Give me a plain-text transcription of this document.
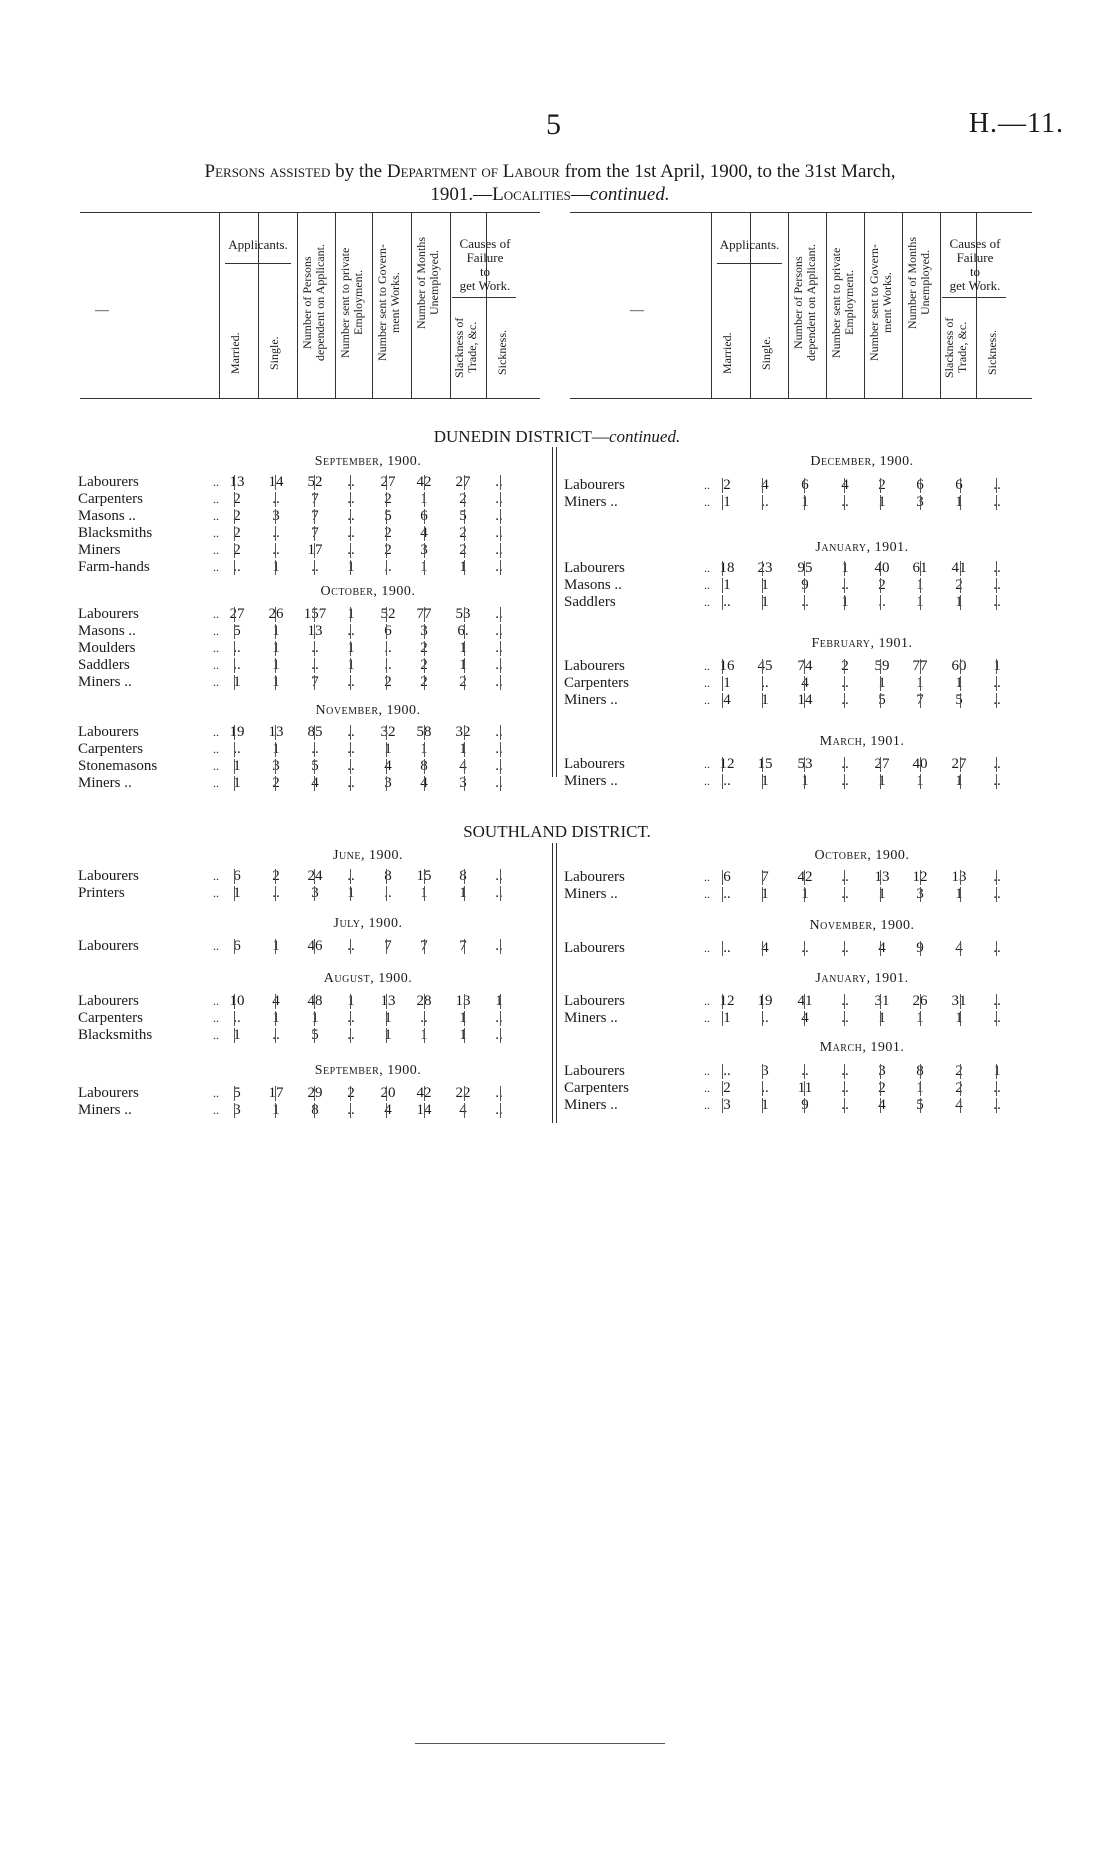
5	H.—11.
Persons assisted by the Department of Labour from the 1st April, 1900, to the 31st March,
1901.—Localities—continued.
—
Applicants.
Married. Single.
Number of Persons dependent on Applicant. Number sent to private Employment. Number sent to Govern- ment Works. Number of Months Unemployed.
Causes of
Failure
to
get Work.
Slackness of Trade, &c. Sickness.
—
Applicants.
Married. Single.
Number of Persons dependent on Applicant. Number sent to private Employment. Number sent to Govern- ment Works. Number of Months Unemployed.
Causes of
Failure
to
get Work.
Slackness of Trade, &c. Sickness.
DUNEDIN DISTRICT—continued.
September, 1900.
Labourers	.. 13	14	52	..	27	42	27	..
Carpenters	.. 2	..	7	..	2	1	2	..
Masons ..	.. 2	3	7	..	5	6	5	..
Blacksmiths	.. 2	..	7	..	2	4	2	..
Miners	.. 2	..	17	..	2	3	2	..
Farm-hands	.. ..	1	..	1	..	1	1	..
October, 1900.
Labourers	.. 27	26	157	1	52	77	53	..
Masons ..	.. 5	1	13	..	6	3	6.	..
Moulders	.. ..	1	..	1	..	2	1	..
Saddlers	.. ..	1	..	1	..	2	1	..
Miners ..	.. 1	1	7	..	2	2	2	..
November, 1900.
Labourers	.. 19	13	85	..	32	58	32	..
Carpenters	.. ..	1	..	..	1	1	1	..
Stonemasons	.. 1	3	5	..	4	8	4	..
Miners ..	.. 1	2	4	..	3	4	3	..
December, 1900.
Labourers	.. 2	4	6	4	2	6	6	..
Miners ..	.. 1	..	1	..	1	3	1	..
January, 1901.
Labourers	.. 18	23	95	1	40	61	41	..
Masons ..	.. 1	1	9	..	2	1	2	..
Saddlers	.. ..	1	..	1	..	1	1	..
February, 1901.
Labourers	.. 16	45	74	2	59	77	60	1
Carpenters	.. 1	..	4	..	1	1	1	..
Miners ..	.. 4	1	14	..	5	7	5	..
March, 1901.
Labourers	.. 12	15	53	..	27	40	27	..
Miners ..	.. ..	1	1	..	1	1	1	..
SOUTHLAND DISTRICT.
June, 1900.
Labourers	.. 6	2	24	..	8	15	8	..
Printers	.. 1	..	3	1	..	1	1	..
July, 1900.
Labourers	.. 6	1	46	..	7	7	7	..
August, 1900.
Labourers	.. 10	4	48	1	13	28	13	1
Carpenters	.. ..	1	1	..	1	..	1	..
Blacksmiths	.. 1	..	5	..	1	1	1	..
September, 1900.
Labourers	.. 5	17	29	2	20	42	22	..
Miners ..	.. 3	1	8	..	4	14	4	..
October, 1900.
Labourers	.. 6	7	42	..	13	12	13	..
Miners ..	.. ..	1	1	..	1	3	1	..
November, 1900.
Labourers	.. ..	4	..	..	4	9	4	..
January, 1901.
Labourers	.. 12	19	41	..	31	26	31	..
Miners ..	.. 1	..	4	..	1	1	1	..
March, 1901.
Labourers	.. ..	3	..	..	3	8	2	1
Carpenters	.. 2	..	11	..	2	1	2	..
Miners ..	.. 3	1	9	..	4	5	4	..
